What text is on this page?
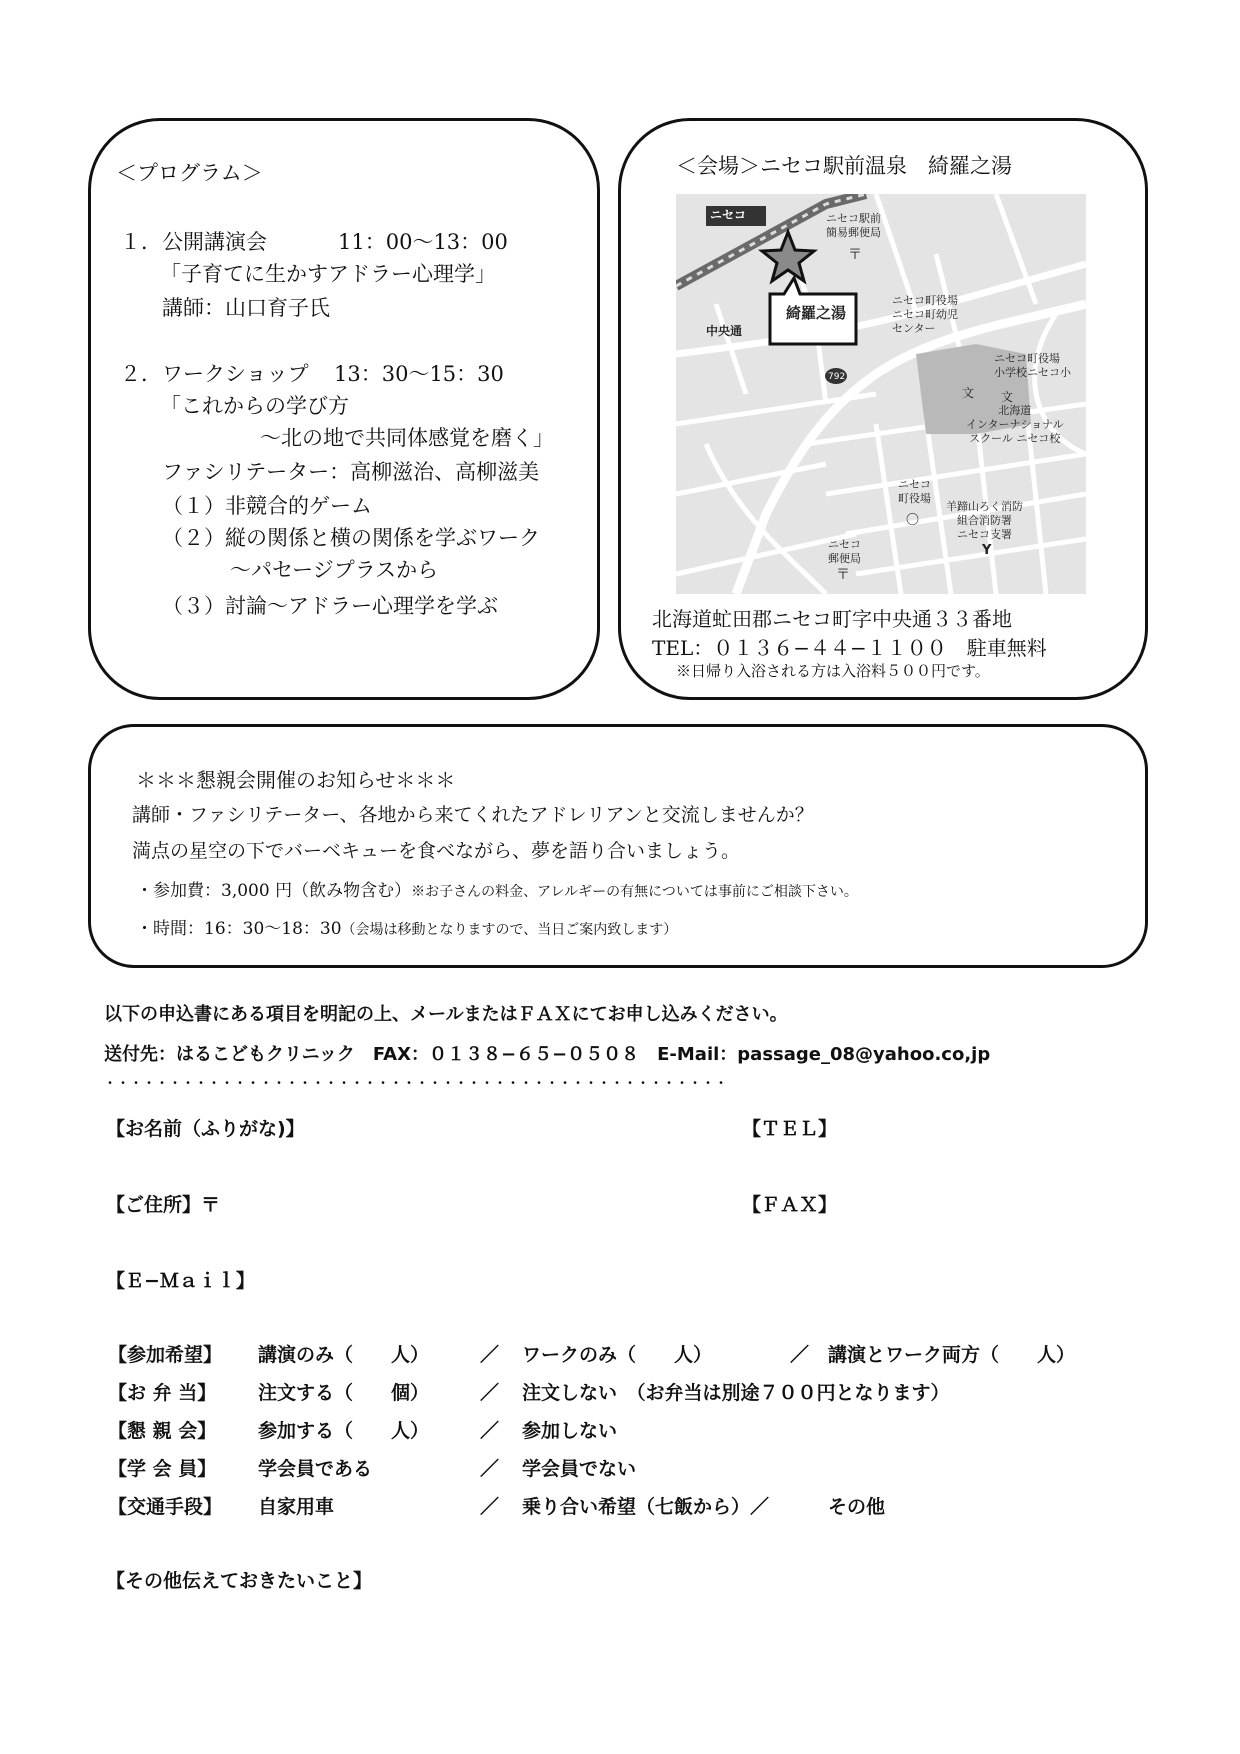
＜プログラム＞
１．公開講演会	11：00〜13：00
「子育てに生かすアドラー心理学」
講師：山口育子氏
２．ワークショップ 13：30〜15：30
「これからの学び方
〜北の地で共同体感覚を磨く」
ファシリテーター：高柳滋治、高柳滋美
（１）非競合的ゲーム
（２）縦の関係と横の関係を学ぶワーク
〜パセージプラスから
（３）討論〜アドラー心理学を学ぶ
＜会場＞ニセコ駅前温泉　綺羅之湯
ニセコ	ニセコ駅前
簡易郵便局
〒
綺羅之湯
中央通
ニセコ町役場
ニセコ町幼児
センター
792
ニセコ町役場
小学校ニセコ小
文 文
北海道
インターナショナル
スクール ニセコ校
ニセコ
町役場
〇
羊蹄山ろく消防
組合消防署
ニセコ支署
Y
ニセコ
郵便局
〒
北海道虻田郡ニセコ町字中央通３３番地
TEL：０１３６−４４−１１００　駐車無料
※日帰り入浴される方は入浴料５００円です。
＊＊＊懇親会開催のお知らせ＊＊＊
講師・ファシリテーター、各地から来てくれたアドレリアンと交流しませんか？
満点の星空の下でバーベキューを食べながら、夢を語り合いましょう。
・参加費：3,000 円（飲み物含む）※お子さんの料金、アレルギーの有無については事前にご相談下さい。
・時間：16：30〜18：30（会場は移動となりますので、当日ご案内致します）
以下の申込書にある項目を明記の上、メールまたはＦＡＸにてお申し込みください。
送付先：はるこどもクリニック　FAX：０１３８−６５−０５０８　E-Mail：passage_08@yahoo.co,jp
・・・・・・・・・・・・・・・・・・・・・・・・・・・・・・・・・・・・・・・・・・・・・・・・
【お名前（ふりがな)】	【ＴＥＬ】
【ご住所】〒	【ＦＡＸ】
【Ｅ−Ｍａｉｌ】
【参加希望】 講演のみ（　　人）	／ ワークのみ（　　人）	／ 講演とワーク両方（　　人）
【お 弁 当】 注文する（　　個）	／ 注文しない　（お弁当は別途７００円となります）
【懇 親 会】 参加する（　　人）	／ 参加しない
【学 会 員】 学会員である	／ 学会員でない
【交通手段】 自家用車	／ 乗り合い希望（七飯から）／	その他
【その他伝えておきたいこと】
